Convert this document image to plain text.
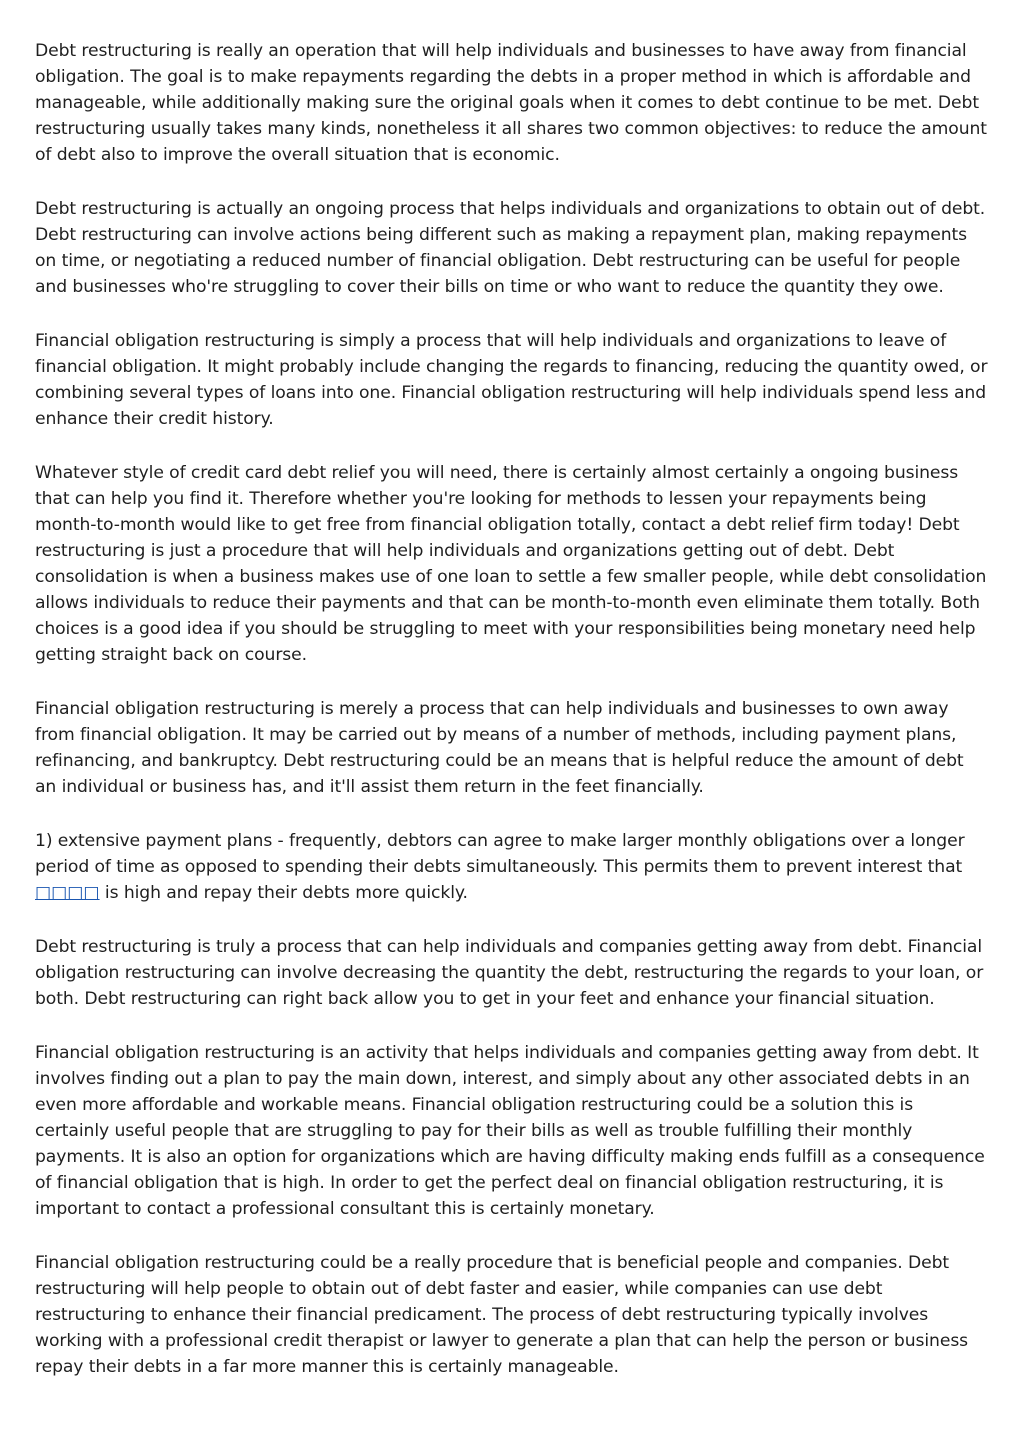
Debt restructuring is really an operation that will help individuals and businesses to have away from financial obligation. The goal is to make repayments regarding the debts in a proper method in which is affordable and manageable, while additionally making sure the original goals when it comes to debt continue to be met. Debt restructuring usually takes many kinds, nonetheless it all shares two common objectives: to reduce the amount of debt also to improve the overall situation that is economic.

Debt restructuring is actually an ongoing process that helps individuals and organizations to obtain out of debt. Debt restructuring can involve actions being different such as making a repayment plan, making repayments on time, or negotiating a reduced number of financial obligation. Debt restructuring can be useful for people and businesses who're struggling to cover their bills on time or who want to reduce the quantity they owe.

Financial obligation restructuring is simply a process that will help individuals and organizations to leave of financial obligation. It might probably include changing the regards to financing, reducing the quantity owed, or combining several types of loans into one. Financial obligation restructuring will help individuals spend less and enhance their credit history.

Whatever style of credit card debt relief you will need, there is certainly almost certainly a ongoing business that can help you find it. Therefore whether you're looking for methods to lessen your repayments being month-to-month would like to get free from financial obligation totally, contact a debt relief firm today! Debt restructuring is just a procedure that will help individuals and organizations getting out of debt. Debt consolidation is when a business makes use of one loan to settle a few smaller people, while debt consolidation allows individuals to reduce their payments and that can be month-to-month even eliminate them totally. Both choices is a good idea if you should be struggling to meet with your responsibilities being monetary need help getting straight back on course.

Financial obligation restructuring is merely a process that can help individuals and businesses to own away from financial obligation. It may be carried out by means of a number of methods, including payment plans, refinancing, and bankruptcy. Debt restructuring could be an means that is helpful reduce the amount of debt an individual or business has, and it'll assist them return in the feet financially.

1) extensive payment plans - frequently, debtors can agree to make larger monthly obligations over a longer period of time as opposed to spending their debts simultaneously. This permits them to prevent interest that □□□□ is high and repay their debts more quickly.

Debt restructuring is truly a process that can help individuals and companies getting away from debt. Financial obligation restructuring can involve decreasing the quantity the debt, restructuring the regards to your loan, or both. Debt restructuring can right back allow you to get in your feet and enhance your financial situation.

Financial obligation restructuring is an activity that helps individuals and companies getting away from debt. It involves finding out a plan to pay the main down, interest, and simply about any other associated debts in an even more affordable and workable means. Financial obligation restructuring could be a solution this is certainly useful people that are struggling to pay for their bills as well as trouble fulfilling their monthly payments. It is also an option for organizations which are having difficulty making ends fulfill as a consequence of financial obligation that is high. In order to get the perfect deal on financial obligation restructuring, it is important to contact a professional consultant this is certainly monetary.

Financial obligation restructuring could be a really procedure that is beneficial people and companies. Debt restructuring will help people to obtain out of debt faster and easier, while companies can use debt restructuring to enhance their financial predicament. The process of debt restructuring typically involves working with a professional credit therapist or lawyer to generate a plan that can help the person or business repay their debts in a far more manner this is certainly manageable.
